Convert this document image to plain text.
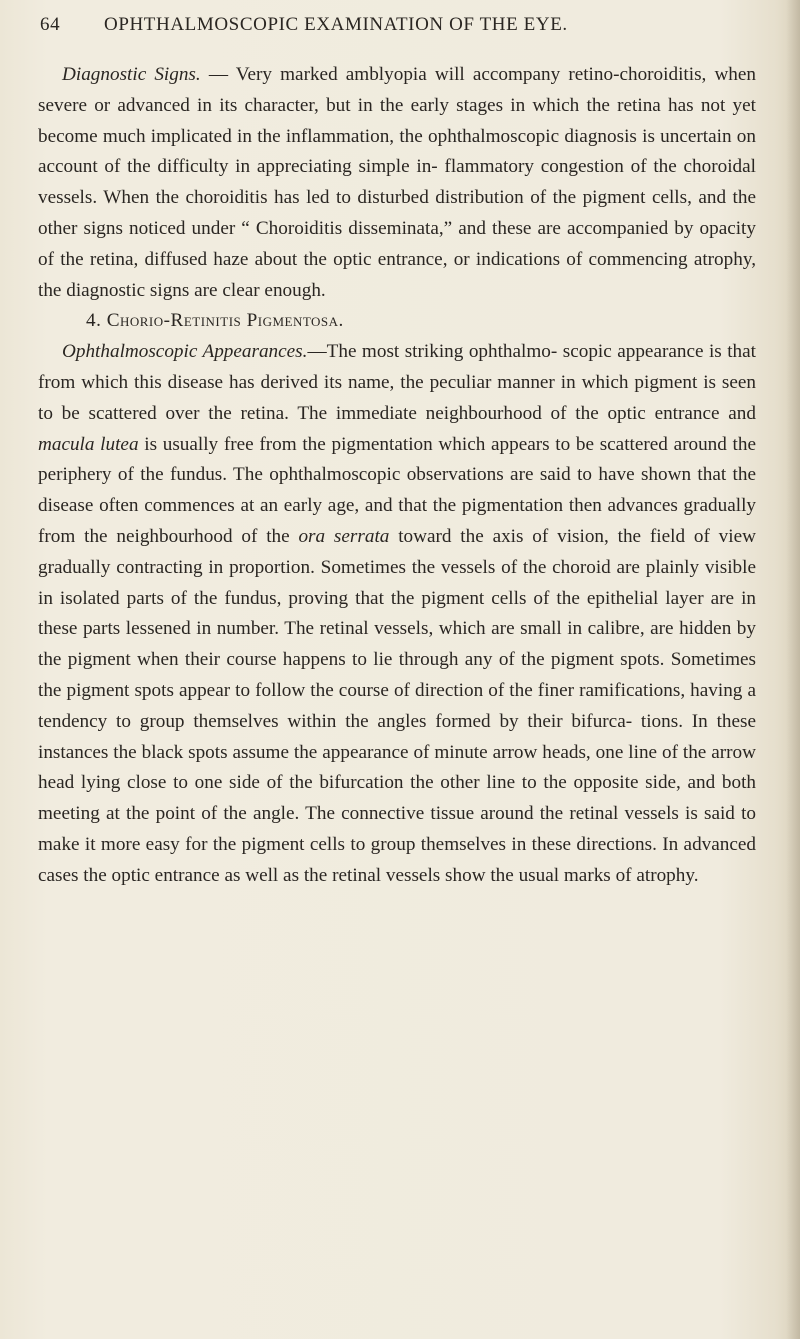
64 OPHTHALMOSCOPIC EXAMINATION OF THE EYE.

Diagnostic Signs. — Very marked amblyopia will accompany retino-choroiditis, when severe or advanced in its character, but in the early stages in which the retina has not yet become much implicated in the inflammation, the ophthalmoscopic diagnosis is uncertain on account of the difficulty in appreciating simple in- flammatory congestion of the choroidal vessels. When the choroiditis has led to disturbed distribution of the pigment cells, and the other signs noticed under “ Choroiditis disseminata,” and these are accompanied by opacity of the retina, diffused haze about the optic entrance, or indications of commencing atrophy, the diagnostic signs are clear enough.

4. Chorio-Retinitis Pigmentosa.

Ophthalmoscopic Appearances.—The most striking ophthalmo- scopic appearance is that from which this disease has derived its name, the peculiar manner in which pigment is seen to be scattered over the retina. The immediate neighbourhood of the optic entrance and macula lutea is usually free from the pigmentation which appears to be scattered around the periphery of the fundus. The ophthalmoscopic observations are said to have shown that the disease often commences at an early age, and that the pigmentation then advances gradually from the neighbourhood of the ora serrata toward the axis of vision, the field of view gradually contracting in proportion. Sometimes the vessels of the choroid are plainly visible in isolated parts of the fundus, proving that the pigment cells of the epithelial layer are in these parts lessened in number. The retinal vessels, which are small in calibre, are hidden by the pigment when their course happens to lie through any of the pigment spots. Sometimes the pigment spots appear to follow the course of direction of the finer ramifications, having a tendency to group themselves within the angles formed by their bifurca- tions. In these instances the black spots assume the appearance of minute arrow heads, one line of the arrow head lying close to one side of the bifurcation the other line to the opposite side, and both meeting at the point of the angle. The connective tissue around the retinal vessels is said to make it more easy for the pigment cells to group themselves in these directions. In advanced cases the optic entrance as well as the retinal vessels show the usual marks of atrophy.
